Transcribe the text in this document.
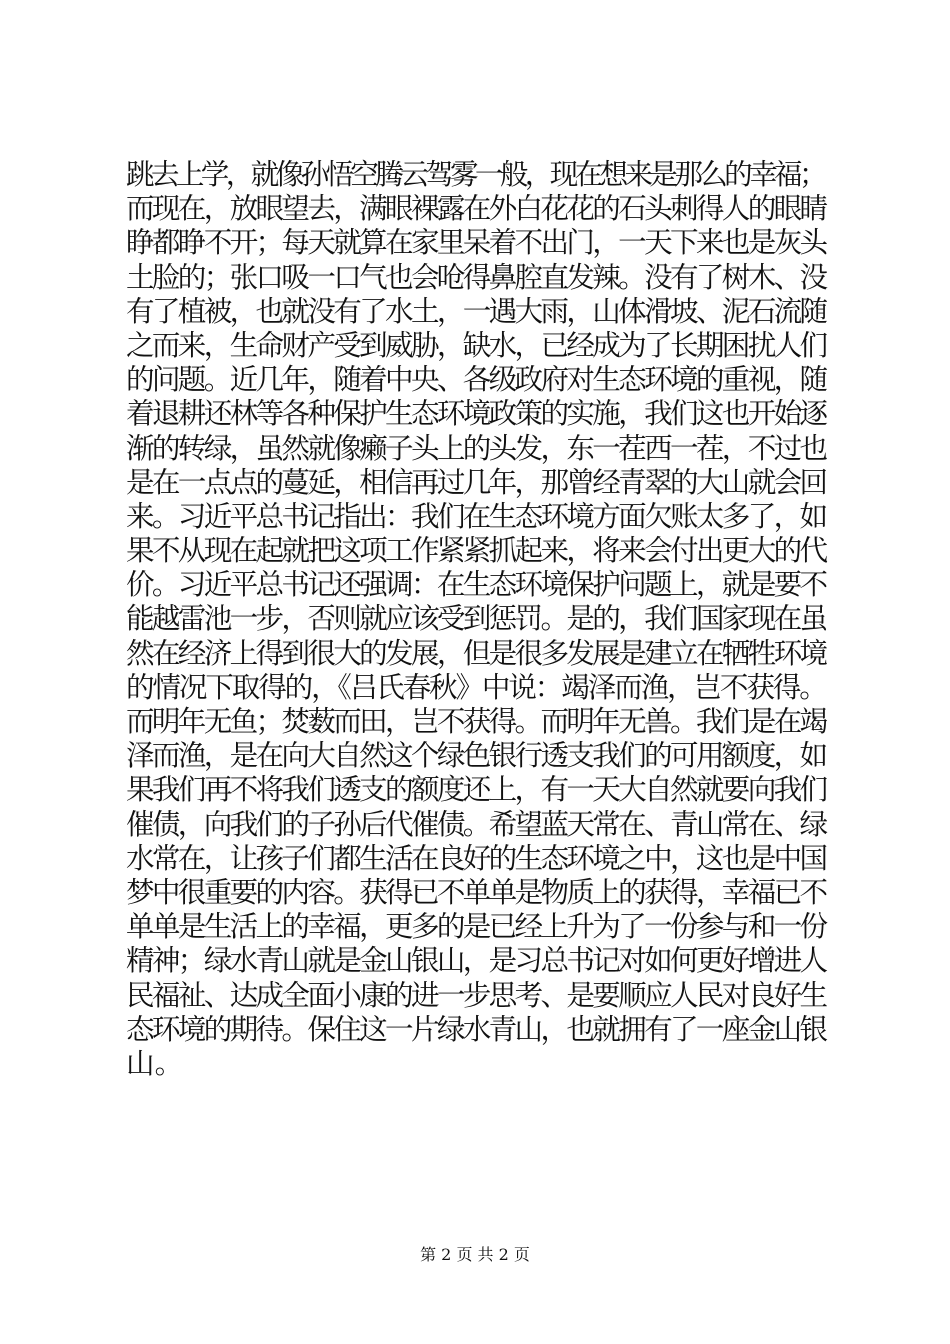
跳去上学，就像孙悟空腾云驾雾一般，现在想来是那么的幸福；
而现在，放眼望去，满眼裸露在外白花花的石头刺得人的眼睛
睁都睁不开；每天就算在家里呆着不出门，一天下来也是灰头
土脸的；张口吸一口气也会呛得鼻腔直发辣。没有了树木、没
有了植被，也就没有了水土，一遇大雨，山体滑坡、泥石流随
之而来，生命财产受到威胁，缺水，已经成为了长期困扰人们
的问题。近几年，随着中央、各级政府对生态环境的重视，随
着退耕还林等各种保护生态环境政策的实施，我们这也开始逐
渐的转绿，虽然就像癞子头上的头发，东一茬西一茬，不过也
是在一点点的蔓延，相信再过几年，那曾经青翠的大山就会回
来。习近平总书记指出：我们在生态环境方面欠账太多了，如
果不从现在起就把这项工作紧紧抓起来，将来会付出更大的代
价。习近平总书记还强调：在生态环境保护问题上，就是要不
能越雷池一步，否则就应该受到惩罚。是的，我们国家现在虽
然在经济上得到很大的发展，但是很多发展是建立在牺牲环境
的情况下取得的，《吕氏春秋》中说：竭泽而渔，岂不获得。
而明年无鱼；焚薮而田，岂不获得。而明年无兽。我们是在竭
泽而渔，是在向大自然这个绿色银行透支我们的可用额度，如
果我们再不将我们透支的额度还上，有一天大自然就要向我们
催债，向我们的子孙后代催债。希望蓝天常在、青山常在、绿
水常在，让孩子们都生活在良好的生态环境之中，这也是中国
梦中很重要的内容。获得已不单单是物质上的获得，幸福已不
单单是生活上的幸福，更多的是已经上升为了一份参与和一份
精神；绿水青山就是金山银山，是习总书记对如何更好增进人
民福祉、达成全面小康的进一步思考、是要顺应人民对良好生
态环境的期待。保住这一片绿水青山，也就拥有了一座金山银
山。
第 2 页 共 2 页
